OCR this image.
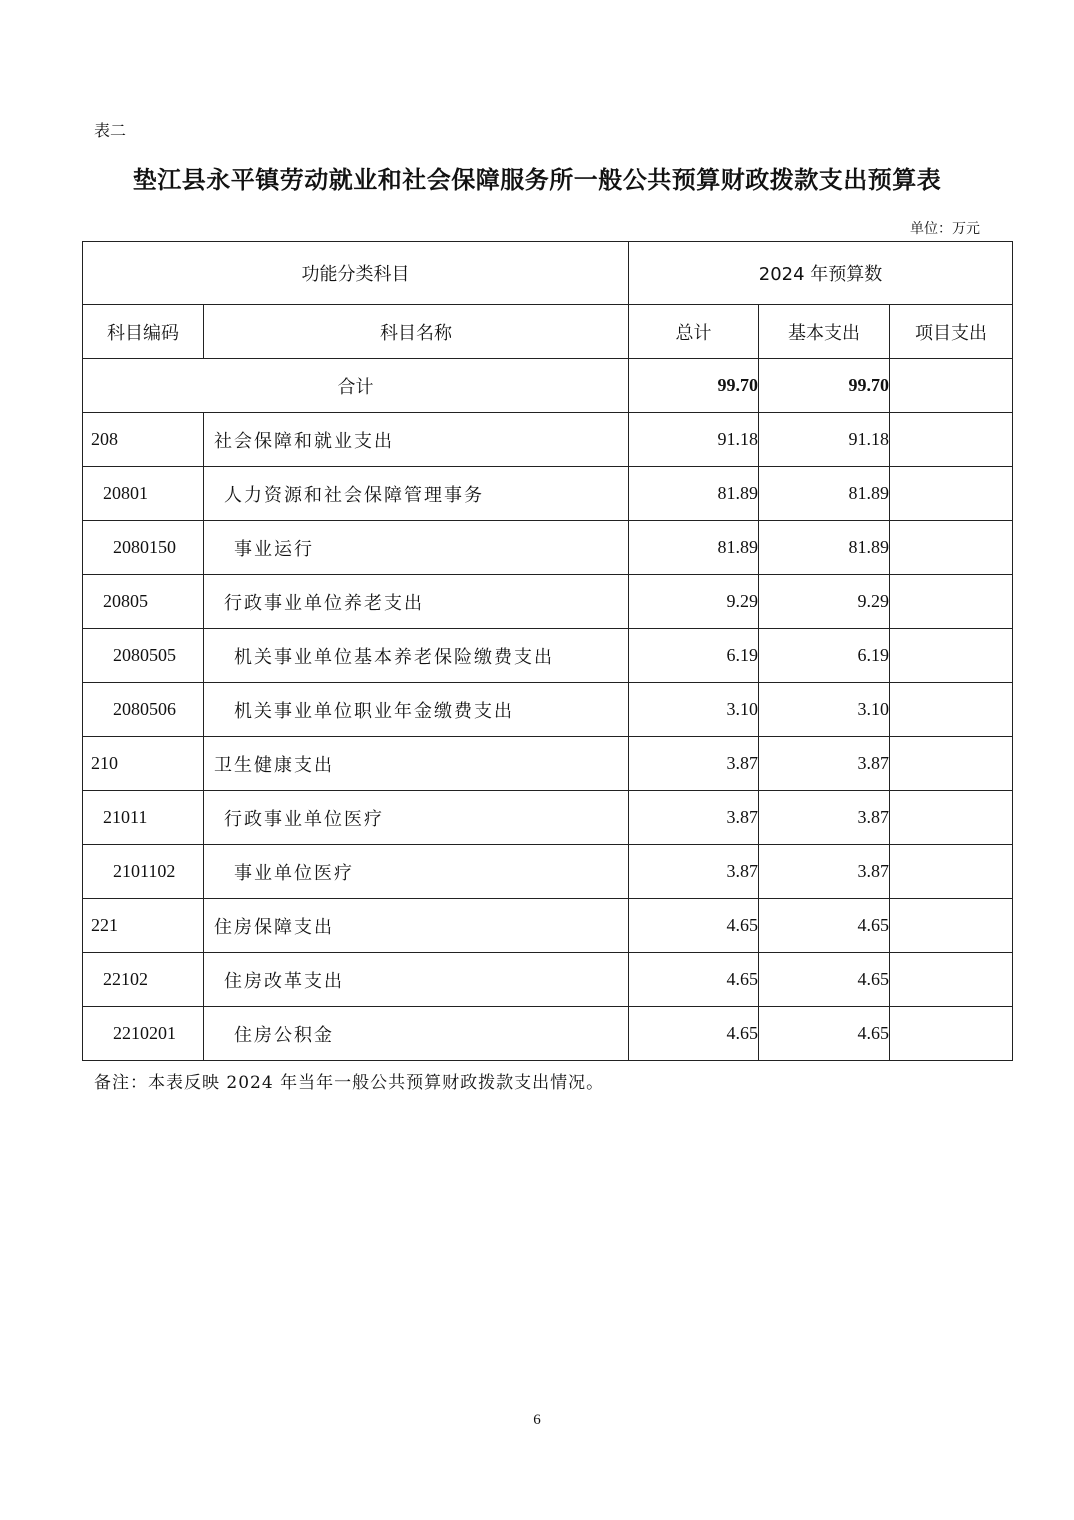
表二
垫江县永平镇劳动就业和社会保障服务所一般公共预算财政拨款支出预算表
单位：万元
功能分类科目		2024 年预算数		
科目编码	科目名称	总计	基本支出	项目支出
合计		99.70	99.70	
208	社会保障和就业支出	91.18	91.18	
20801	人力资源和社会保障管理事务	81.89	81.89	
2080150	事业运行	81.89	81.89	
20805	行政事业单位养老支出	9.29	9.29	
2080505	机关事业单位基本养老保险缴费支出	6.19	6.19	
2080506	机关事业单位职业年金缴费支出	3.10	3.10	
210	卫生健康支出	3.87	3.87	
21011	行政事业单位医疗	3.87	3.87	
2101102	事业单位医疗	3.87	3.87	
221	住房保障支出	4.65	4.65	
22102	住房改革支出	4.65	4.65	
2210201	住房公积金	4.65	4.65	
备注：本表反映 2024 年当年一般公共预算财政拨款支出情况。
6
